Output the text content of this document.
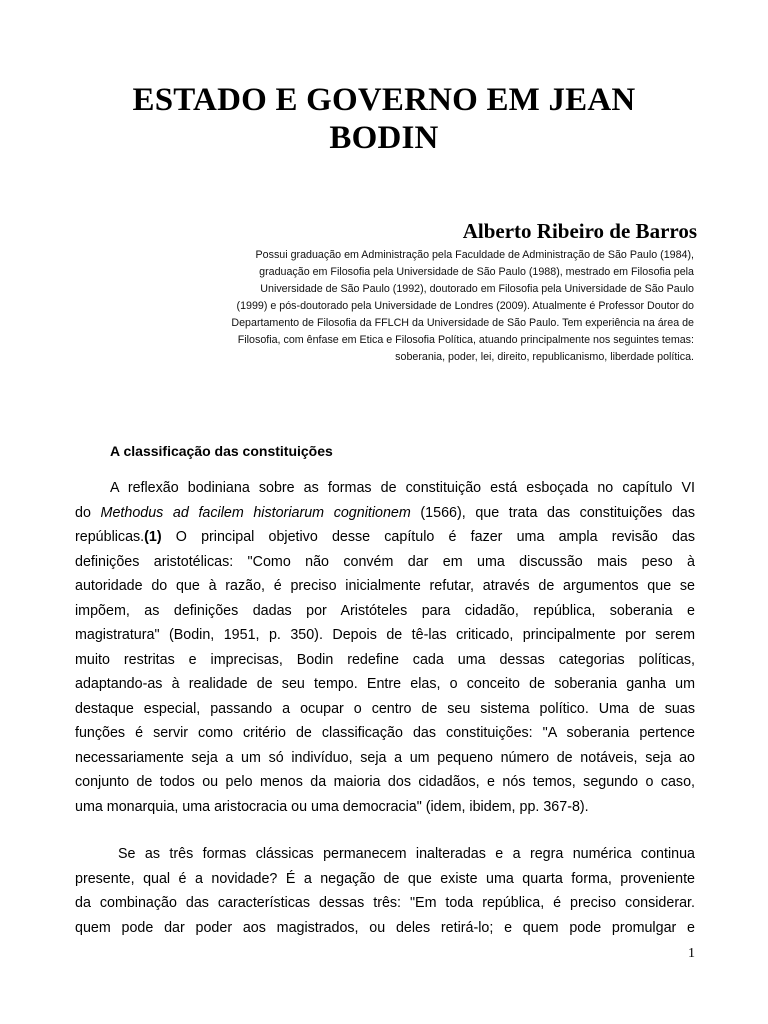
ESTADO E GOVERNO EM JEAN
BODIN
Alberto Ribeiro de Barros
Possui graduação em Administração pela Faculdade de Administração de São Paulo (1984),
graduação em Filosofia pela Universidade de São Paulo (1988), mestrado em Filosofia pela
Universidade de São Paulo (1992), doutorado em Filosofia pela Universidade de São Paulo
(1999) e pós-doutorado pela Universidade de Londres (2009). Atualmente é Professor Doutor do
Departamento de Filosofia da FFLCH da Universidade de São Paulo. Tem experiência na área de
Filosofia, com ênfase em Etica e Filosofia Política, atuando principalmente nos seguintes temas:
soberania, poder, lei, direito, republicanismo, liberdade política.
A classificação das constituições
A reflexão bodiniana sobre as formas de constituição está esboçada no capítulo VI
do Methodus ad facilem historiarum cognitionem (1566), que trata das constituições das
repúblicas.(1) O principal objetivo desse capítulo é fazer uma ampla revisão das
definições aristotélicas: "Como não convém dar em uma discussão mais peso à
autoridade do que à razão, é preciso inicialmente refutar, através de argumentos que se
impõem, as definições dadas por Aristóteles para cidadão, república, soberania e
magistratura" (Bodin, 1951, p. 350). Depois de tê-las criticado, principalmente por serem
muito restritas e imprecisas, Bodin redefine cada uma dessas categorias políticas,
adaptando-as à realidade de seu tempo. Entre elas, o conceito de soberania ganha um
destaque especial, passando a ocupar o centro de seu sistema político. Uma de suas
funções é servir como critério de classificação das constituições: "A soberania pertence
necessariamente seja a um só indivíduo, seja a um pequeno número de notáveis, seja ao
conjunto de todos ou pelo menos da maioria dos cidadãos, e nós temos, segundo o caso,
uma monarquia, uma aristocracia ou uma democracia" (idem, ibidem, pp. 367-8).
Se as três formas clássicas permanecem inalteradas e a regra numérica continua
presente, qual é a novidade? É a negação de que existe uma quarta forma, proveniente
da combinação das características dessas três: "Em toda república, é preciso considerar.
quem pode dar poder aos magistrados, ou deles retirá-lo; e quem pode promulgar e
1
